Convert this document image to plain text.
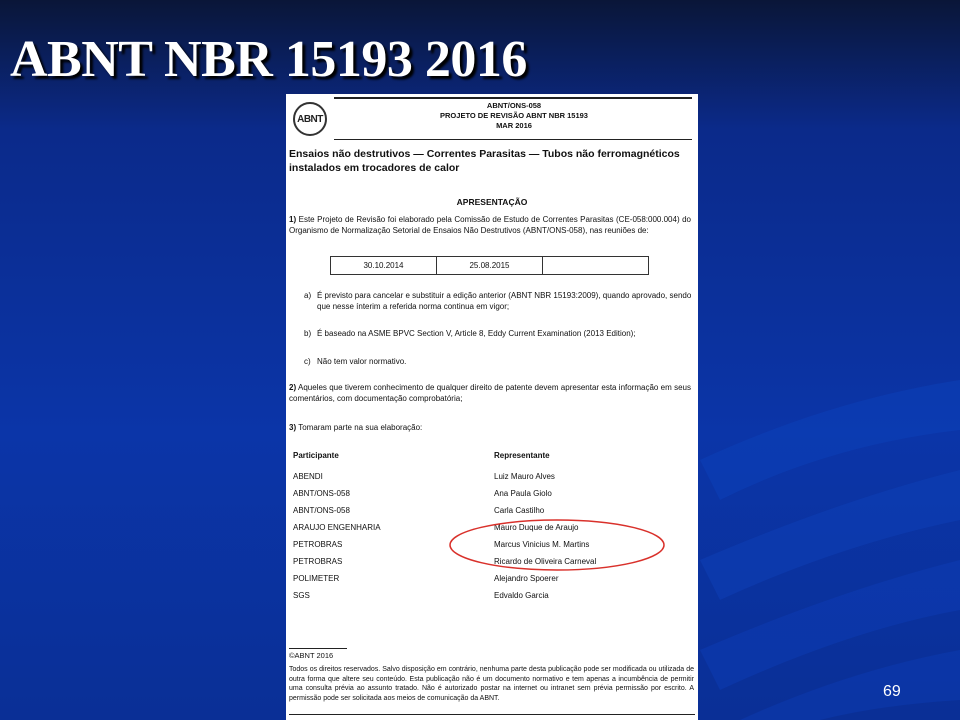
ABNT NBR 15193 2016
ABNT
ABNT/ONS-058
PROJETO DE REVISÃO ABNT NBR 15193
MAR 2016
Ensaios não destrutivos — Correntes Parasitas — Tubos não ferromagnéticos instalados em trocadores de calor
APRESENTAÇÃO
1) Este Projeto de Revisão foi elaborado pela Comissão de Estudo de Correntes Parasitas (CE-058:000.004) do Organismo de Normalização Setorial de Ensaios Não Destrutivos (ABNT/ONS-058), nas reuniões de:
30.10.2014	25.08.2015
a) É previsto para cancelar e substituir a edição anterior (ABNT NBR 15193:2009), quando aprovado, sendo que nesse ínterim a referida norma continua em vigor;
b) É baseado na ASME BPVC Section V, Article 8, Eddy Current Examination (2013 Edition);
c) Não tem valor normativo.
2) Aqueles que tiverem conhecimento de qualquer direito de patente devem apresentar esta informação em seus comentários, com documentação comprobatória;
3) Tomaram parte na sua elaboração:
Participante	Representante
ABENDI	Luiz Mauro Alves
ABNT/ONS-058	Ana Paula Giolo
ABNT/ONS-058	Carla Castilho
ARAUJO ENGENHARIA	Mauro Duque de Araujo
PETROBRAS	Marcus Vinicius M. Martins
PETROBRAS	Ricardo de Oliveira Carneval
POLIMETER	Alejandro Spoerer
SGS	Edvaldo Garcia
©ABNT 2016
Todos os direitos reservados. Salvo disposição em contrário, nenhuma parte desta publicação pode ser modificada ou utilizada de outra forma que altere seu conteúdo. Esta publicação não é um documento normativo e tem apenas a incumbência de permitir uma consulta prévia ao assunto tratado. Não é autorizado postar na internet ou intranet sem prévia permissão por escrito. A permissão pode ser solicitada aos meios de comunicação da ABNT.	69
